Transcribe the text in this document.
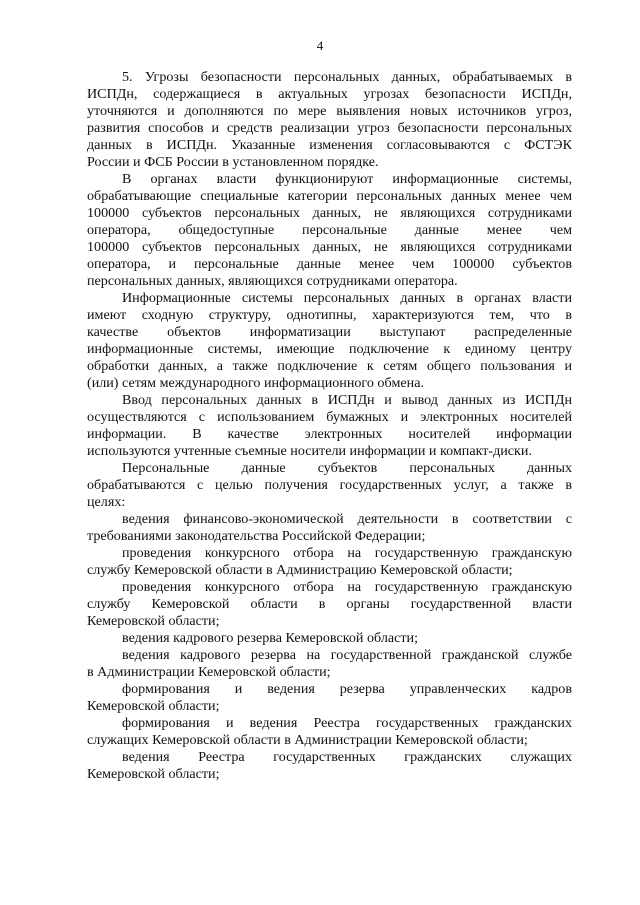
4
5. Угрозы безопасности персональных данных, обрабатываемых в
ИСПДн, содержащиеся в актуальных угрозах безопасности ИСПДн,
уточняются и дополняются по мере выявления новых источников угроз,
развития способов и средств реализации угроз безопасности персональных
данных в ИСПДн. Указанные изменения согласовываются с ФСТЭК
России и ФСБ России в установленном порядке.
В органах власти функционируют информационные системы,
обрабатывающие специальные категории персональных данных менее чем
100000 субъектов персональных данных, не являющихся сотрудниками
оператора, общедоступные персональные данные менее чем
100000 субъектов персональных данных, не являющихся сотрудниками
оператора, и персональные данные менее чем 100000 субъектов
персональных данных, являющихся сотрудниками оператора.
Информационные системы персональных данных в органах власти
имеют сходную структуру, однотипны, характеризуются тем, что в
качестве объектов информатизации выступают распределенные
информационные системы, имеющие подключение к единому центру
обработки данных, а также подключение к сетям общего пользования и
(или) сетям международного информационного обмена.
Ввод персональных данных в ИСПДн и вывод данных из ИСПДн
осуществляются с использованием бумажных и электронных носителей
информации. В качестве электронных носителей информации
используются учтенные съемные носители информации и компакт-диски.
Персональные данные субъектов персональных данных
обрабатываются с целью получения государственных услуг, а также в
целях:
ведения финансово-экономической деятельности в соответствии с
требованиями законодательства Российской Федерации;
проведения конкурсного отбора на государственную гражданскую
службу Кемеровской области в Администрацию Кемеровской области;
проведения конкурсного отбора на государственную гражданскую
службу Кемеровской области в органы государственной власти
Кемеровской области;
ведения кадрового резерва Кемеровской области;
ведения кадрового резерва на государственной гражданской службе
в Администрации Кемеровской области;
формирования и ведения резерва управленческих кадров
Кемеровской области;
формирования и ведения Реестра государственных гражданских
служащих Кемеровской области в Администрации Кемеровской области;
ведения Реестра государственных гражданских служащих
Кемеровской области;
